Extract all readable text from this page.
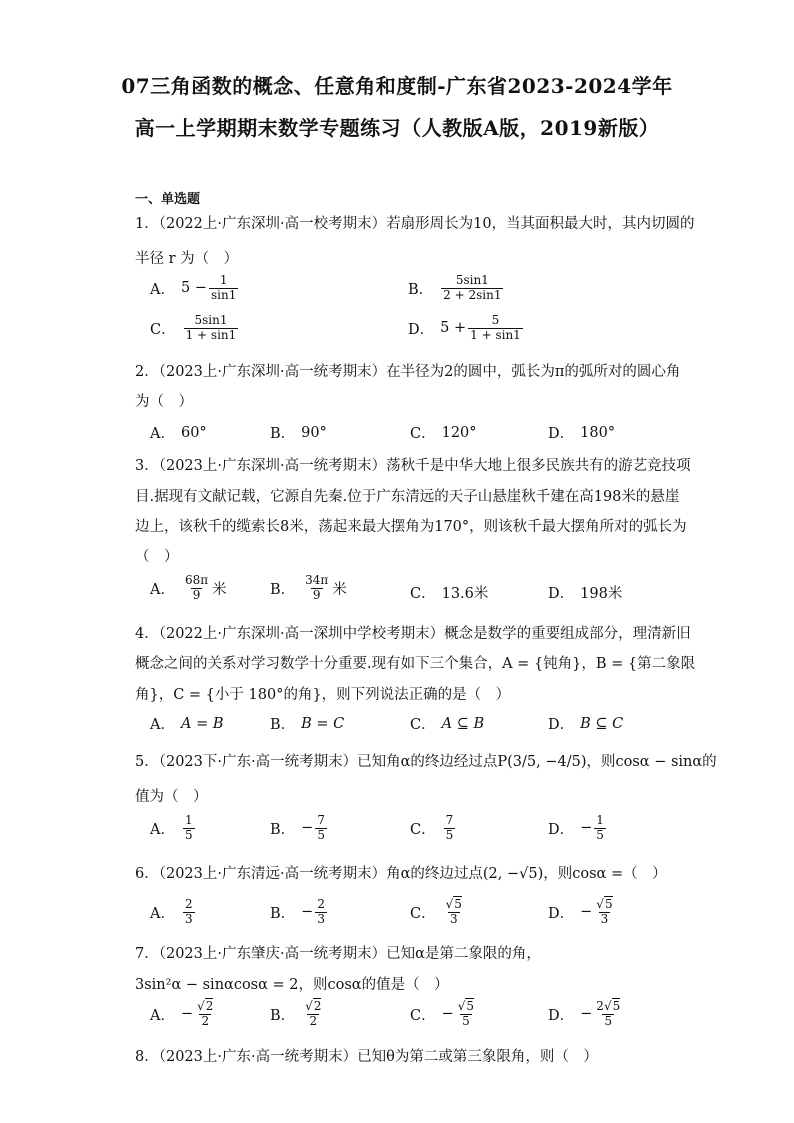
07三角函数的概念、任意角和度制-广东省2023-2024学年
高一上学期期末数学专题练习（人教版A版，2019新版）
一、单选题
1．（2022上·广东深圳·高一校考期末）若扇形周长为10，当其面积最大时，其内切圆的
半径 r 为（　）
A． $5 - \frac{1}{\sin 1}$	B． $\frac{5\sin 1}{2 + 2\sin 1}$
C． $\frac{5\sin 1}{1 + \sin 1}$	D． $5 + \frac{5}{1 + \sin 1}$
2．（2023上·广东深圳·高一统考期末）在半径为2的圆中，弧长为π的弧所对的圆心角
为（　）
A． 60°	B． 90°	C． 120°	D． 180°
3．（2023上·广东深圳·高一统考期末）荡秋千是中华大地上很多民族共有的游艺竞技项
目.据现有文献记载，它源自先秦.位于广东清远的天子山悬崖秋千建在高198米的悬崖
边上，该秋千的缆索长8米，荡起来最大摆角为170°，则该秋千最大摆角所对的弧长为
（　）
A． $\frac{68\pi}{9}$ 米	B． $\frac{34\pi}{9}$ 米	C． 13.6米	D． 198米
4．（2022上·广东深圳·高一深圳中学校考期末）概念是数学的重要组成部分，理清新旧
概念之间的关系对学习数学十分重要.现有如下三个集合，A = {钝角}，B = {第二象限
角}，C = {小于 180°的角}，则下列说法正确的是（　）
A． A = B	B． B = C	C． A ⊆ B	D． B ⊆ C
5．（2023下·广东·高一统考期末）已知角α的终边经过点P(3/5, −4/5)，则cosα − sinα的
值为（　）
A． $\frac{1}{5}$	B． − $\frac{7}{5}$	C． $\frac{7}{5}$	D． − $\frac{1}{5}$
6．（2023上·广东清远·高一统考期末）角α的终边过点(2, −√5)，则cosα =（　）
A． $\frac{2}{3}$	B． − $\frac{2}{3}$	C． $\frac{√5}{3}$	D． − $\frac{√5}{3}$
7．（2023上·广东肇庆·高一统考期末）已知α是第二象限的角，
3sin²α − sinαcosα = 2，则cosα的值是（　）
A． − $\frac{√2}{2}$	B． $\frac{√2}{2}$	C． − $\frac{√5}{5}$	D． − $\frac{2√5}{5}$
8．（2023上·广东·高一统考期末）已知θ为第二或第三象限角，则（　）
